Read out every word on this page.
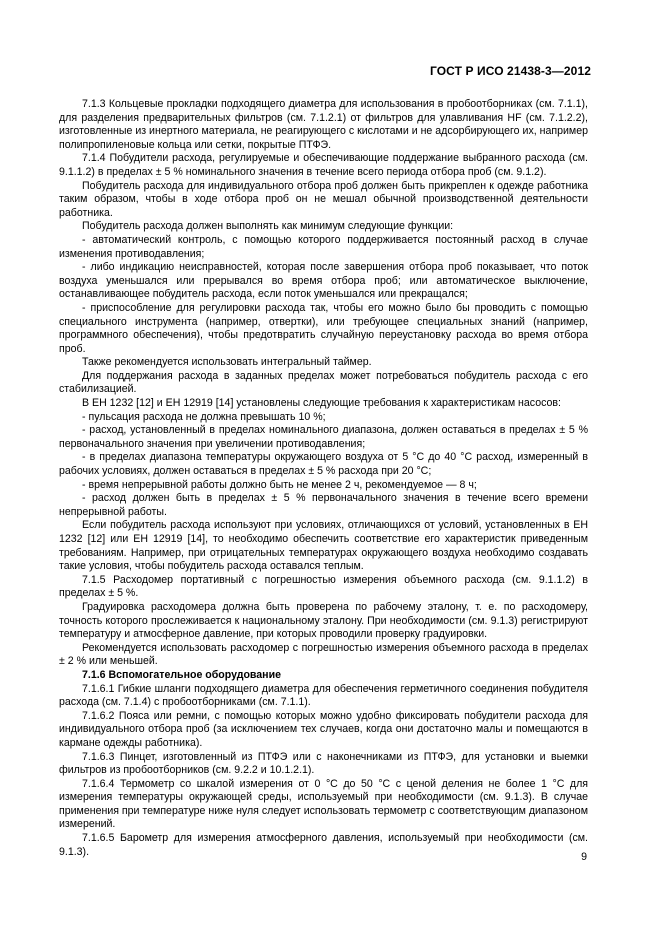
ГОСТ Р ИСО 21438-3—2012

7.1.3 Кольцевые прокладки подходящего диаметра для использования в пробоотборниках (см. 7.1.1), для разделения предварительных фильтров (см. 7.1.2.1) от фильтров для улавливания HF (см. 7.1.2.2), изготовленные из инертного материала, не реагирующего с кислотами и не адсорбирующего их, например полипропиленовые кольца или сетки, покрытые ПТФЭ.

7.1.4 Побудители расхода, регулируемые и обеспечивающие поддержание выбранного расхода (см. 9.1.1.2) в пределах ± 5 % номинального значения в течение всего периода отбора проб (см. 9.1.2).

Побудитель расхода для индивидуального отбора проб должен быть прикреплен к одежде работника таким образом, чтобы в ходе отбора проб он не мешал обычной производственной деятельности работника.

Побудитель расхода должен выполнять как минимум следующие функции:

- автоматический контроль, с помощью которого поддерживается постоянный расход в случае изменения противодавления;

- либо индикацию неисправностей, которая после завершения отбора проб показывает, что поток воздуха уменьшался или прерывался во время отбора проб; или автоматическое выключение, останавливающее побудитель расхода, если поток уменьшался или прекращался;

- приспособление для регулировки расхода так, чтобы его можно было бы проводить с помощью специального инструмента (например, отвертки), или требующее специальных знаний (например, программного обеспечения), чтобы предотвратить случайную переустановку расхода во время отбора проб.

Также рекомендуется использовать интегральный таймер.

Для поддержания расхода в заданных пределах может потребоваться побудитель расхода с его стабилизацией.

В ЕН 1232 [12] и ЕН 12919 [14] установлены следующие требования к характеристикам насосов:

- пульсация расхода не должна превышать 10 %;

- расход, установленный в пределах номинального диапазона, должен оставаться в пределах ± 5 % первоначального значения при увеличении противодавления;

- в пределах диапазона температуры окружающего воздуха от 5 °С до 40 °С расход, измеренный в рабочих условиях, должен оставаться в пределах ± 5 % расхода при 20 °С;

- время непрерывной работы должно быть не менее 2 ч, рекомендуемое — 8 ч;

- расход должен быть в пределах ± 5 % первоначального значения в течение всего времени непрерывной работы.

Если побудитель расхода используют при условиях, отличающихся от условий, установленных в ЕН 1232 [12] или ЕН 12919 [14], то необходимо обеспечить соответствие его характеристик приведенным требованиям. Например, при отрицательных температурах окружающего воздуха необходимо создавать такие условия, чтобы побудитель расхода оставался теплым.

7.1.5 Расходомер портативный с погрешностью измерения объемного расхода (см. 9.1.1.2) в пределах ± 5 %.

Градуировка расходомера должна быть проверена по рабочему эталону, т. е. по расходомеру, точность которого прослеживается к национальному эталону. При необходимости (см. 9.1.3) регистрируют температуру и атмосферное давление, при которых проводили проверку градуировки.

Рекомендуется использовать расходомер с погрешностью измерения объемного расхода в пределах ± 2 % или меньшей.

7.1.6 Вспомогательное оборудование

7.1.6.1 Гибкие шланги подходящего диаметра для обеспечения герметичного соединения побудителя расхода (см. 7.1.4) с пробоотборниками (см. 7.1.1).

7.1.6.2 Пояса или ремни, с помощью которых можно удобно фиксировать побудители расхода для индивидуального отбора проб (за исключением тех случаев, когда они достаточно малы и помещаются в кармане одежды работника).

7.1.6.3 Пинцет, изготовленный из ПТФЭ или с наконечниками из ПТФЭ, для установки и выемки фильтров из пробоотборников (см. 9.2.2 и 10.1.2.1).

7.1.6.4 Термометр со шкалой измерения от 0 °С до 50 °С с ценой деления не более 1 °С для измерения температуры окружающей среды, используемый при необходимости (см. 9.1.3). В случае применения при температуре ниже нуля следует использовать термометр с соответствующим диапазоном измерений.

7.1.6.5 Барометр для измерения атмосферного давления, используемый при необходимости (см. 9.1.3).	9
